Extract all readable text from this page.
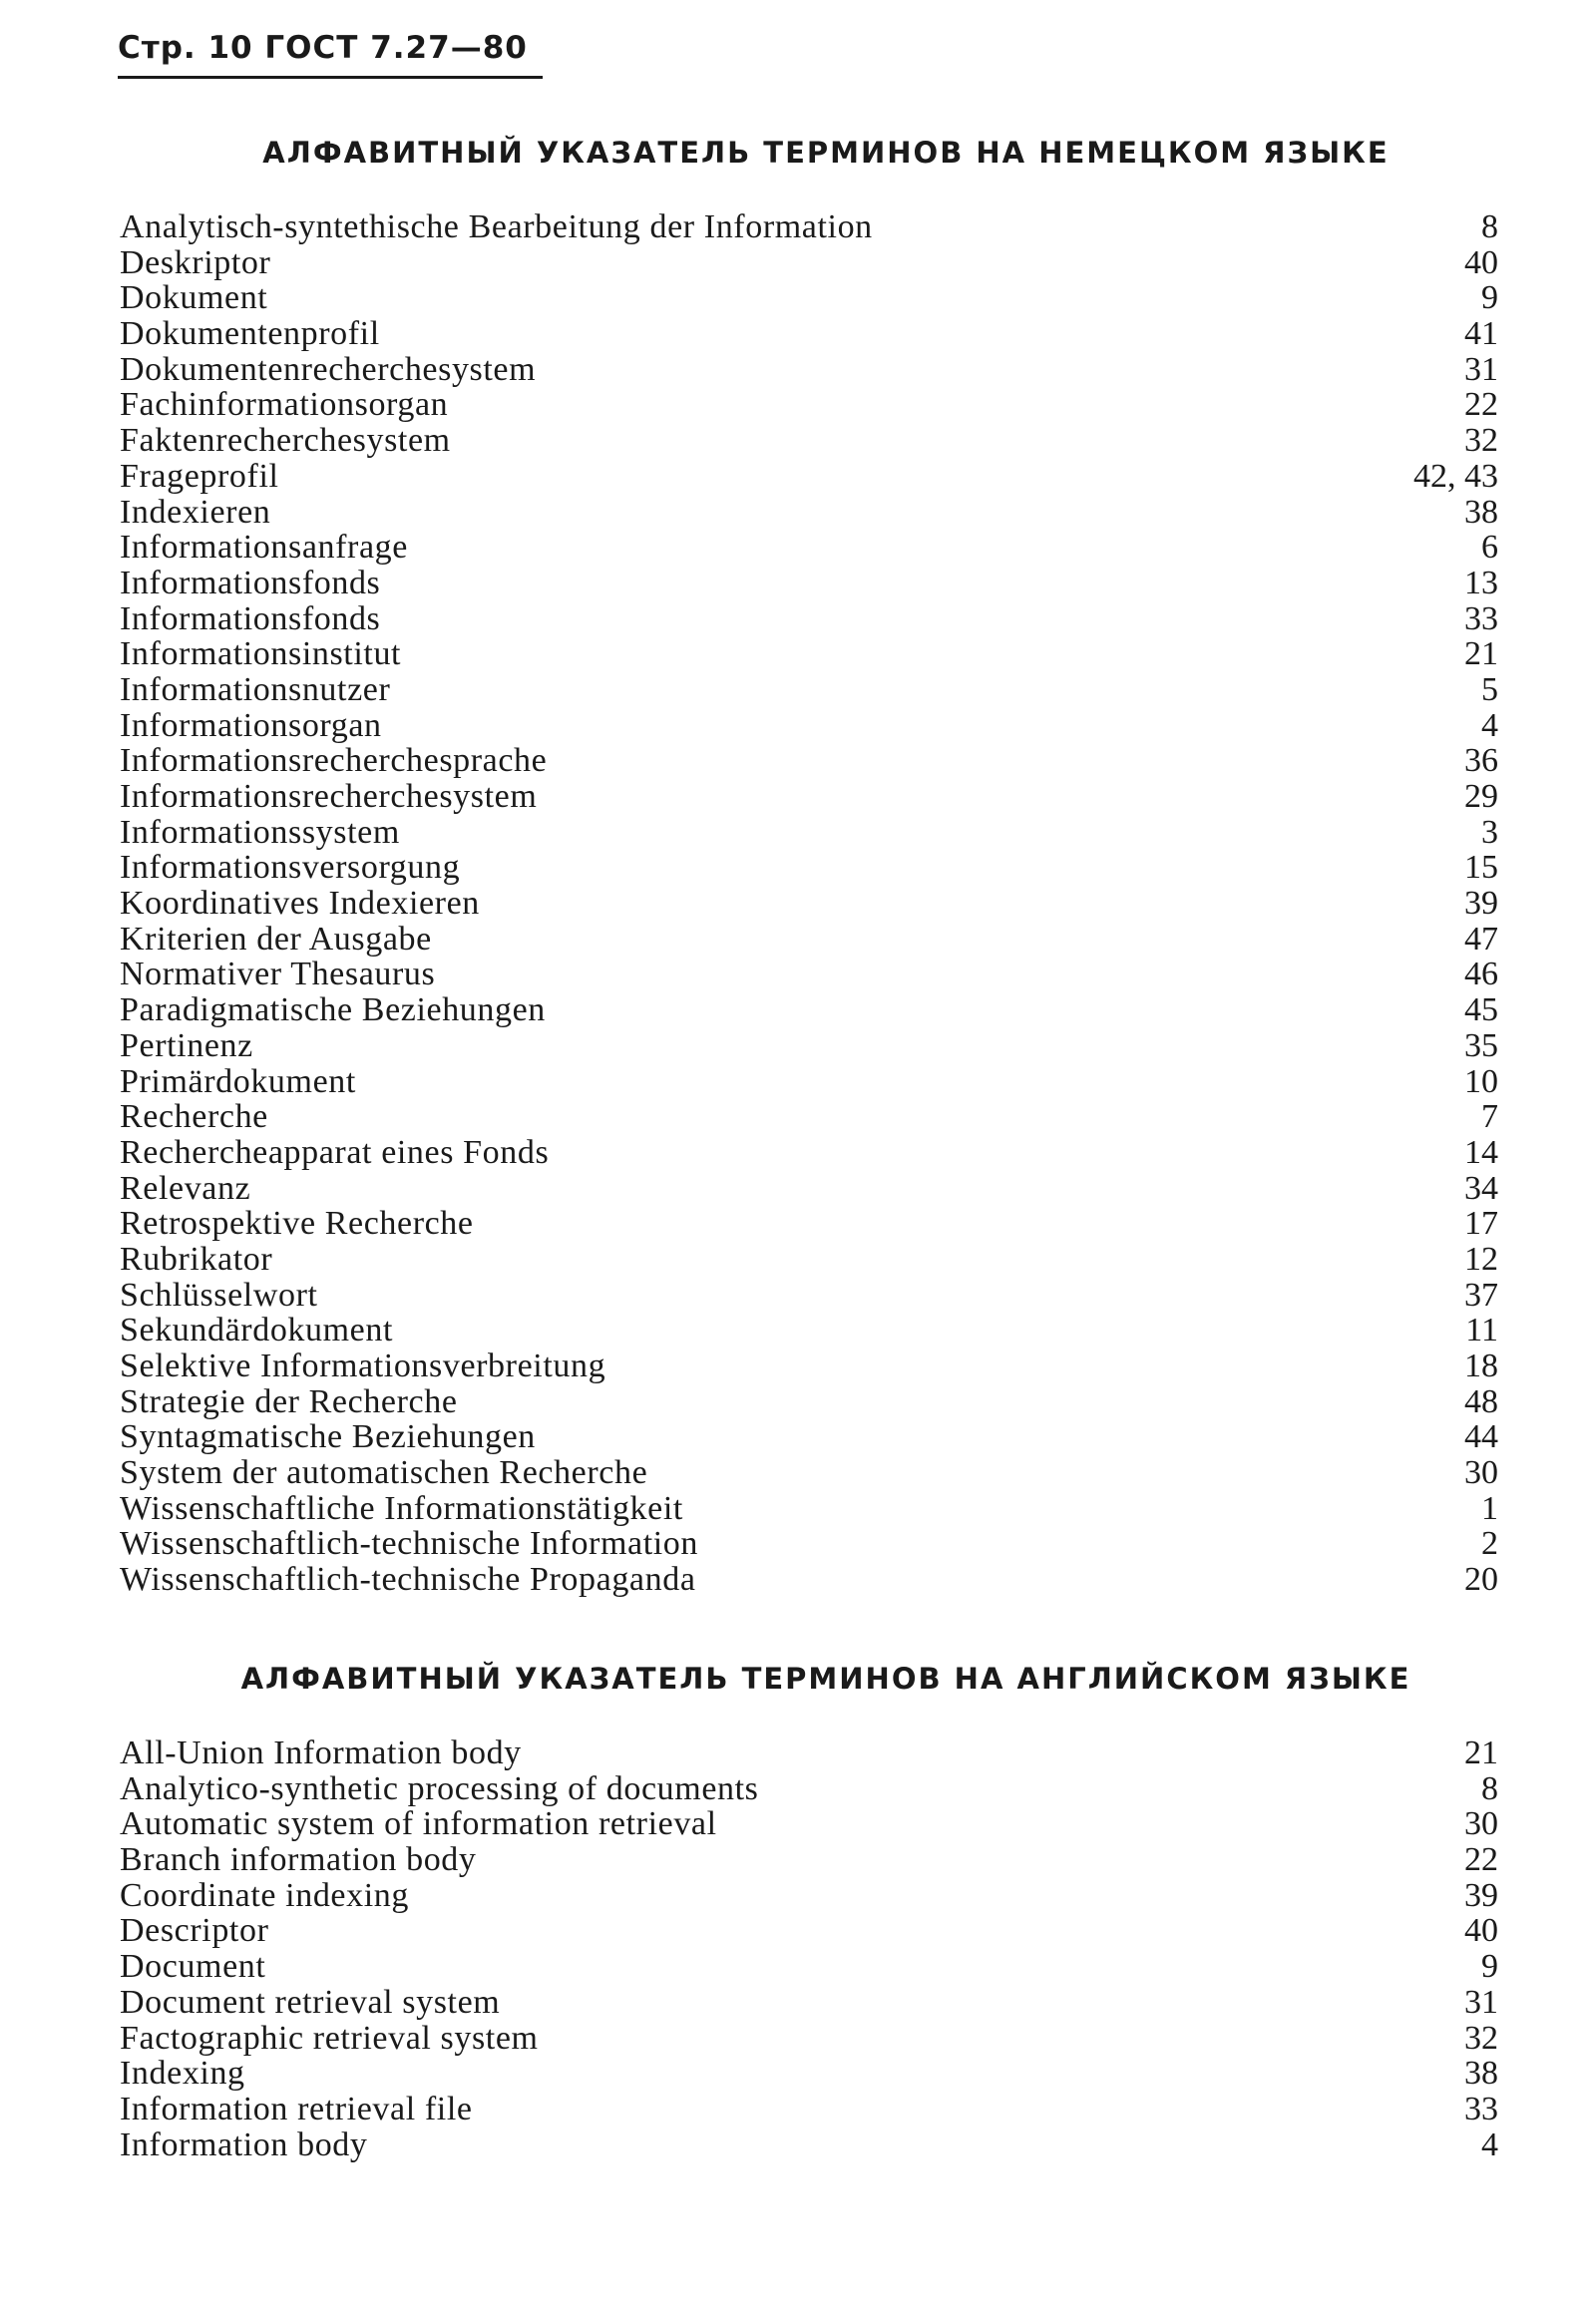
Стр. 10 ГОСТ 7.27—80
АЛФАВИТНЫЙ УКАЗАТЕЛЬ ТЕРМИНОВ НА НЕМЕЦКОМ ЯЗЫКЕ
Analytisch-syntethische Bearbeitung der Information	8
Deskriptor	40
Dokument	9
Dokumentenprofil	41
Dokumentenrecherchesystem	31
Fachinformationsorgan	22
Faktenrecherchesystem	32
Frageprofil	42, 43
Indexieren	38
Informationsanfrage	6
Informationsfonds	13
Informationsfonds	33
Informationsinstitut	21
Informationsnutzer	5
Informationsorgan	4
Informationsrecherchesprache	36
Informationsrecherchesystem	29
Informationssystem	3
Informationsversorgung	15
Koordinatives Indexieren	39
Kriterien der Ausgabe	47
Normativer Thesaurus	46
Paradigmatische Beziehungen	45
Pertinenz	35
Primärdokument	10
Recherche	7
Rechercheapparat eines Fonds	14
Relevanz	34
Retrospektive Recherche	17
Rubrikator	12
Schlüsselwort	37
Sekundärdokument	11
Selektive Informationsverbreitung	18
Strategie der Recherche	48
Syntagmatische Beziehungen	44
System der automatischen Recherche	30
Wissenschaftliche Informationstätigkeit	1
Wissenschaftlich-technische Information	2
Wissenschaftlich-technische Propaganda	20
АЛФАВИТНЫЙ УКАЗАТЕЛЬ ТЕРМИНОВ НА АНГЛИЙСКОМ ЯЗЫКЕ
All-Union Information body	21
Analytico-synthetic processing of documents	8
Automatic system of information retrieval	30
Branch information body	22
Coordinate indexing	39
Descriptor	40
Document	9
Document retrieval system	31
Factographic retrieval system	32
Indexing	38
Information retrieval file	33
Information body	4
